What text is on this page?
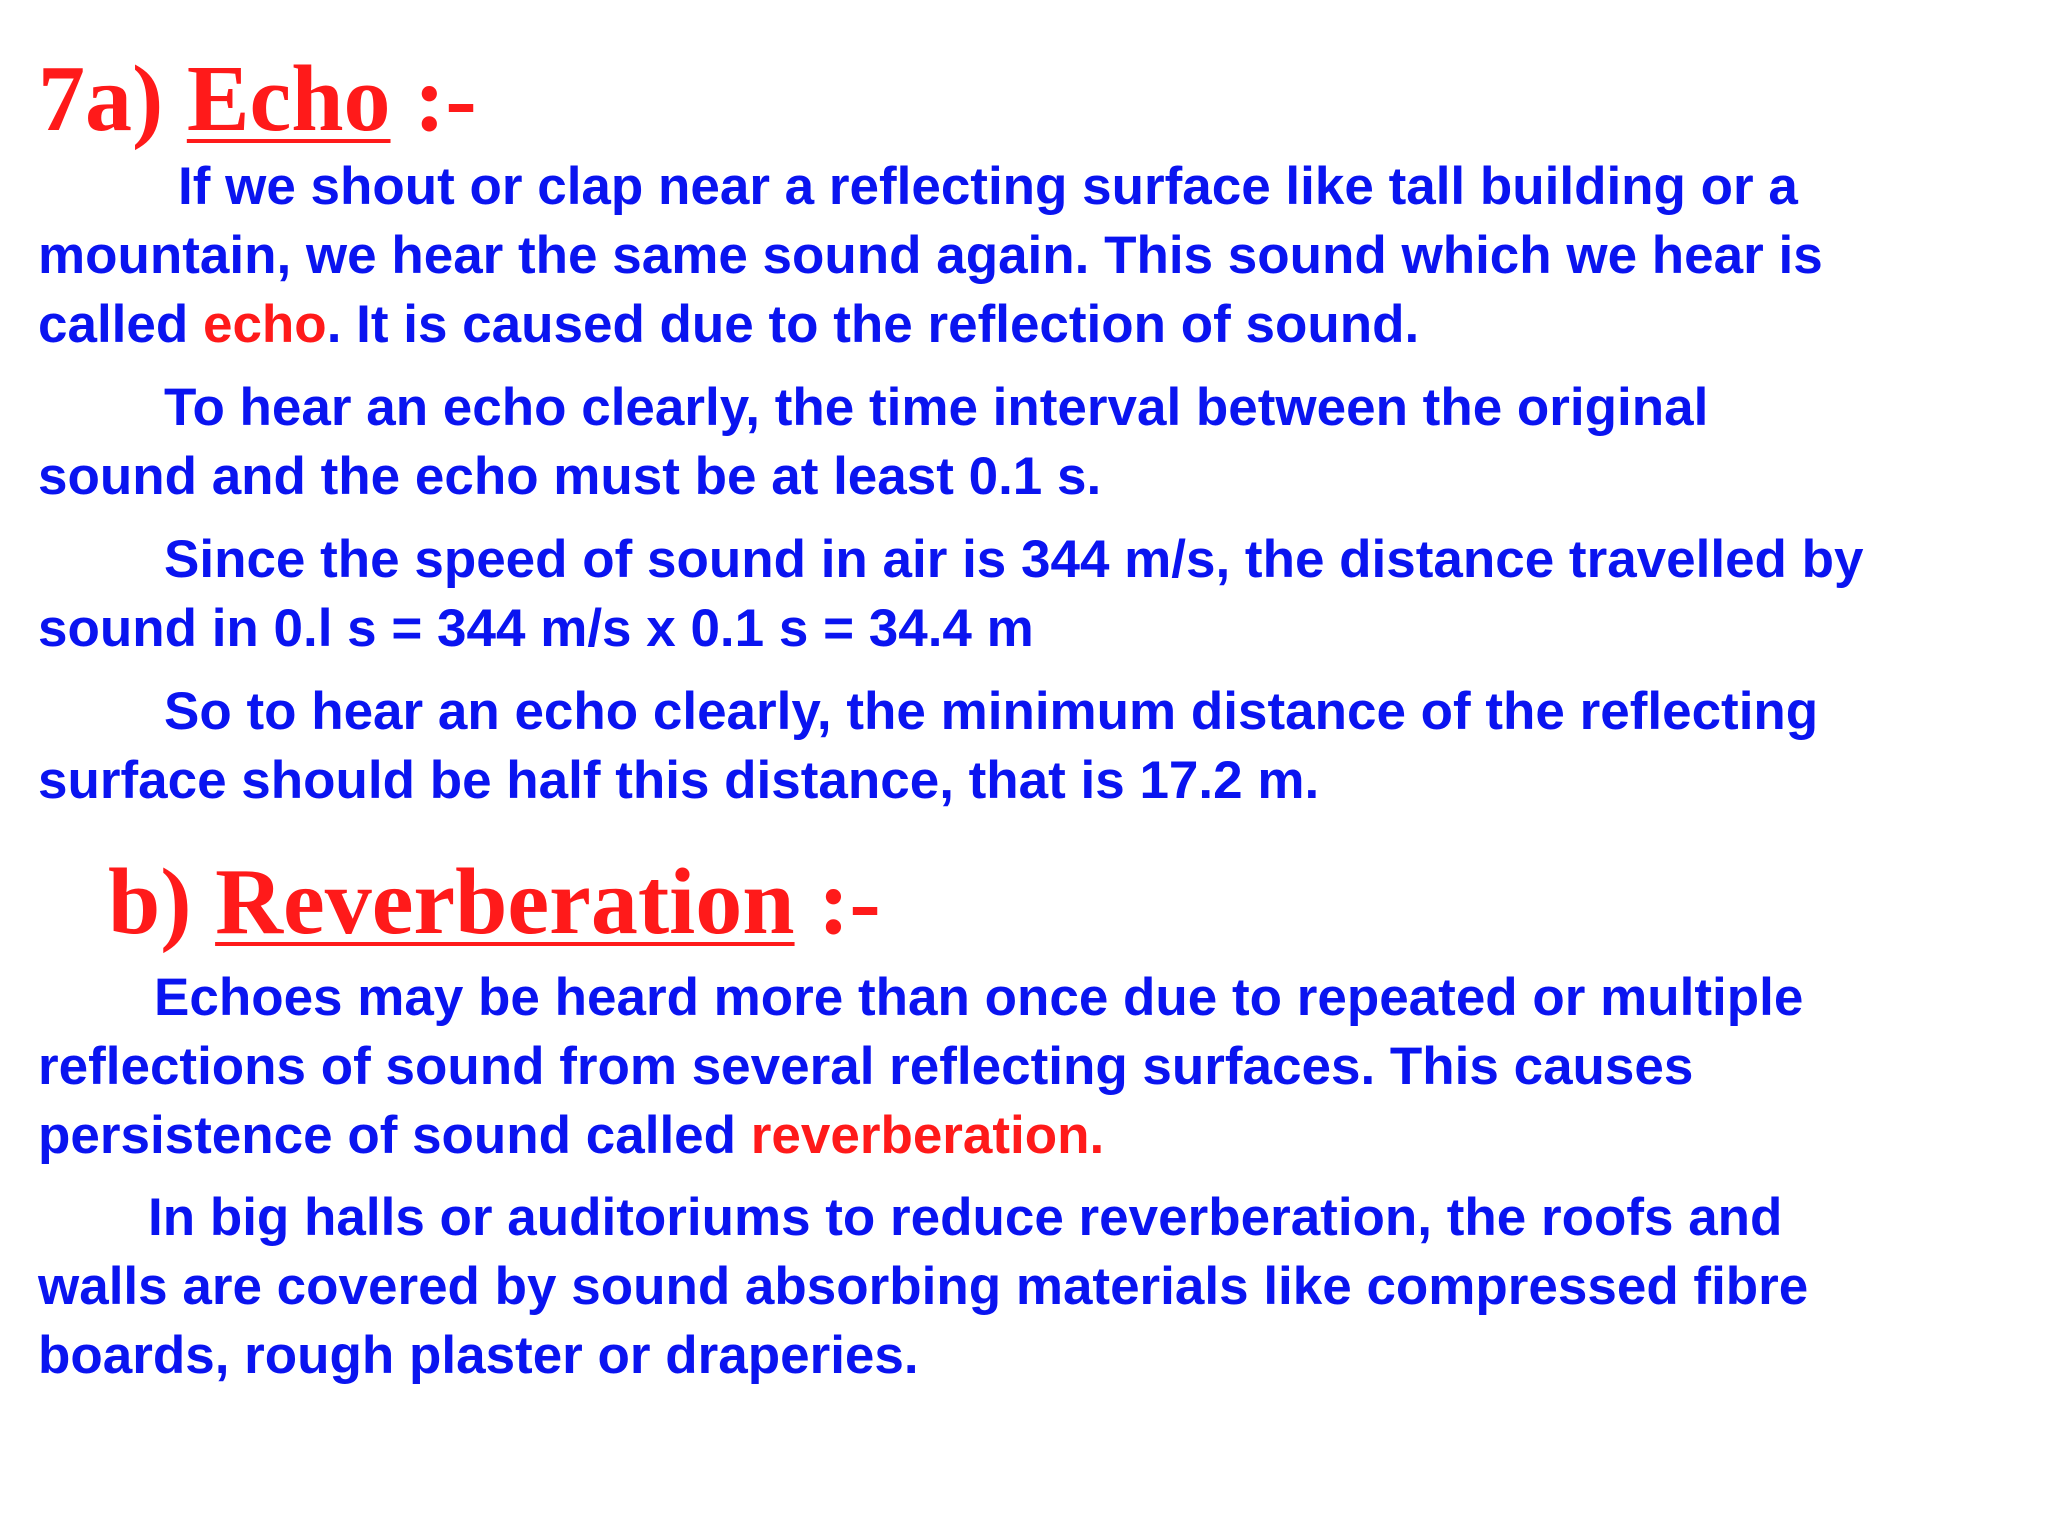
7a) Echo :-

If we shout or clap near a reflecting surface like tall building or a
mountain, we hear the same sound again. This sound which we hear is
called echo. It is caused due to the reflection of sound.

To hear an echo clearly, the time interval between the original
sound and the echo must be at least 0.1 s.

Since the speed of sound in air is 344 m/s, the distance travelled by
sound in 0.l s = 344 m/s x 0.1 s = 34.4 m

So to hear an echo clearly, the minimum distance of the reflecting
surface should be half this distance, that is 17.2 m.

b) Reverberation :-

Echoes may be heard more than once due to repeated or multiple
reflections of sound from several reflecting surfaces. This causes
persistence of sound called reverberation.

In big halls or auditoriums to reduce reverberation, the roofs and
walls are covered by sound absorbing materials like compressed fibre
boards, rough plaster or draperies.
